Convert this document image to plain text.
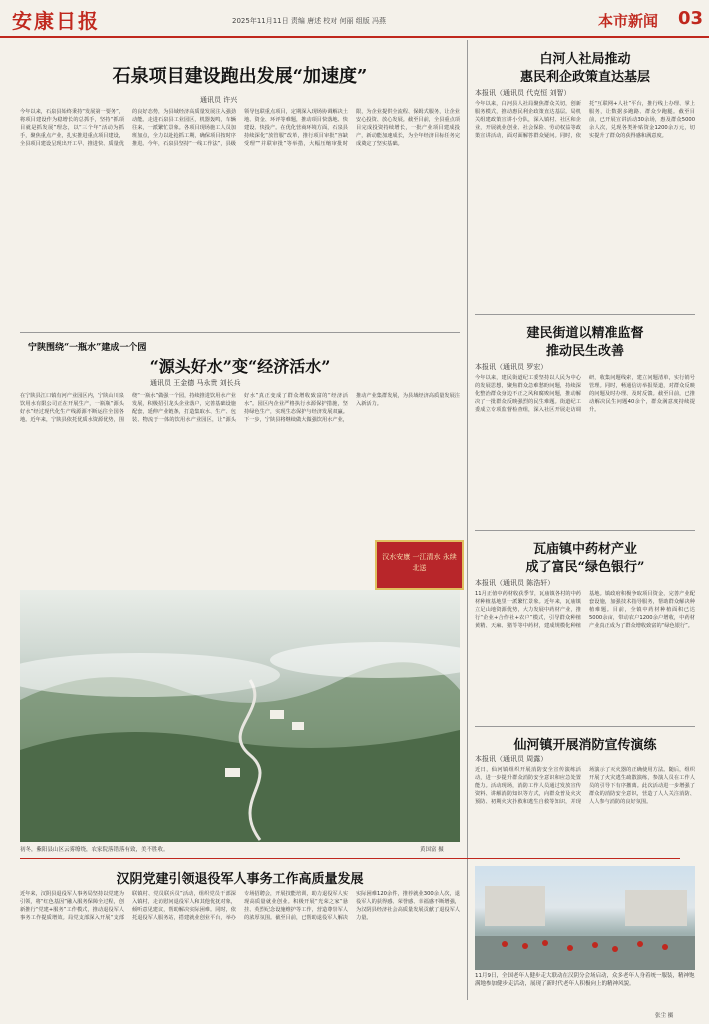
安康日报	2025年11月11日 责编 唐述 校对 何丽 组版 冯燕	本市新闻 03
石泉项目建设跑出发展“加速度”
通讯员 许兴
今年以来，石泉县始终秉持“发展第一要务”，将项目建设作为稳增长的总抓手，坚持“抓项目就是抓发展”理念，以“三个年”活动为抓手，聚焦重点产业，扎实推进重点项目建设，全县项目建设呈现出开工早、推进快、质量优的良好态势，为县域经济高质量发展注入强劲动能。走进石泉县工业园区，机器轰鸣，车辆往来，一派繁忙景象。各项目现场施工人员加班加点，全力以赴抢抓工期，确保项目按时序推进。今年，石泉县坚持“一线工作法”，县级领导包联重点项目，定期深入现场协调解决土地、资金、环评等难题，推动项目快落地、快建设、快投产。在优化营商环境方面，石泉县持续深化“放管服”改革，推行项目审批“容缺受理”“并联审批”等举措，大幅压缩审批时限，为企业提供全流程、保姆式服务，让企业安心投资、放心发展。截至目前，全县重点项目完成投资持续增长，一批产业项目建成投产，新动能加速成长，为全年经济目标任务完成奠定了坚实基础。
宁陕围绕“一瓶水”建成一个园
“源头好水”变“经济活水”
通讯员 王金德 马永贵 刘长兵
在宁陕县江口镇有河产业园区内，宁陕山川泉饮用水有限公司正在开展生产，一瓶瓶“源头好水”经过现代化生产线源源不断运往全国各地。近年来，宁陕县依托优质水资源优势，围绕“一瓶水”做强一个园，持续推进饮用水产业发展，积极招引龙头企业落户，完善基础设施配套，延伸产业链条，打造集取水、生产、包装、物流于一体的饮用水产业园区，让“源头好水”真正变成了群众增收致富的“经济活水”。园区内企业严格执行水源保护措施，坚持绿色生产，实现生态保护与经济发展双赢。下一步，宁陕县将继续做大做强饮用水产业，推动产业集群发展，为县域经济高质量发展注入新活力。
汉水安康 一江清水 永续北送
初冬，紫阳县山区云雾缭绕，农家院落错落有致，美不胜收。	黄国富 摄
汉阴党建引领退役军人事务工作高质量发展
近年来，汉阴县退役军人事务局坚持以党建为引领，将“红色基因”融入服务保障全过程，创新推行“党建+服务”工作模式，推动退役军人事务工作提质增效。局党支部深入开展“支部联镇村、党员联兵员”活动，组织党员干部深入镇村，走访慰问退役军人和其他优抚对象，倾听意见建议，帮助解决实际困难。同时，依托退役军人服务站，搭建就业创业平台，举办专场招聘会，开展技能培训，助力退役军人实现高质量就业创业。积极开展“光荣之家”悬挂、英烈纪念设施维护等工作，营造尊崇军人的浓厚氛围。截至目前，已帮助退役军人解决实际困难120余件，推荐就业300余人次，退役军人的获得感、荣誉感、幸福感不断增强，为汉阴县经济社会高质量发展贡献了退役军人力量。
白河人社局推动
惠民利企政策直达基层
本报讯（通讯员 代克恒 刘智）
今年以来，白河县人社局聚焦群众关切，创新服务模式，推动惠民利企政策直达基层。局机关组建政策宣讲小分队，深入镇村、社区和企业，开展就业创业、社会保险、劳动权益等政策宣讲活动，面对面解答群众疑问。同时，依托“互联网+人社”平台，推行线上办理、掌上服务，让数据多跑路、群众少跑腿。截至目前，已开展宣讲活动30余场，惠及群众5000余人次，兑现各类补贴资金1200余万元，切实提升了群众的获得感和满意度。
建民街道以精准监督
推动民生改善
本报讯（通讯员 罗宏）
今年以来，建民街道纪工委坚持以人民为中心的发展思想，聚焦群众急难愁盼问题，持续深化整治群众身边不正之风和腐败问题，推动解决了一批群众反映强烈的民生难题。街道纪工委成立专项监督检查组，深入社区开展走访调研，收集问题线索，建立问题清单，实行销号管理。同时，畅通信访举报渠道，对群众反映的问题及时办理、及时反馈。截至目前，已推动解决民生问题40余个，群众满意度持续提升。
瓦庙镇中药材产业
成了富民“绿色银行”
本报讯（通讯员 陈浩轩）
11月正值中药材收获季节，瓦庙镇各村的中药材种植基地里一派繁忙景象。近年来，瓦庙镇立足山地资源优势，大力发展中药材产业，推行“企业+合作社+农户”模式，引导群众种植黄精、天麻、猪苓等中药材，建成规模化种植基地。镇政府积极争取项目资金，完善产业配套设施，加强技术指导服务，帮助群众解决种植难题。目前，全镇中药材种植面积已达5000余亩，带动农户1200余户增收，中药材产业真正成为了群众增收致富的“绿色银行”。
仙河镇开展消防宣传演练
本报讯（通讯员 周露）
近日，仙河镇组织开展消防安全宣传演练活动，进一步提升群众消防安全意识和应急处置能力。活动现场，消防工作人员通过发放宣传资料、讲解消防知识等方式，向群众普及火灾预防、初期火灾扑救和逃生自救等知识，并现场演示了灭火器的正确使用方法。随后，组织开展了火灾逃生疏散演练，参演人员在工作人员的引导下有序撤离。此次活动进一步增强了群众的消防安全意识，营造了人人关注消防、人人参与消防的良好氛围。
11月9日，全国老年人健步走大联动在汉阴分会场启动，众多老年人身着统一服装，精神饱满地参加健步走活动，展现了新时代老年人积极向上的精神风貌。
张尘 摄
